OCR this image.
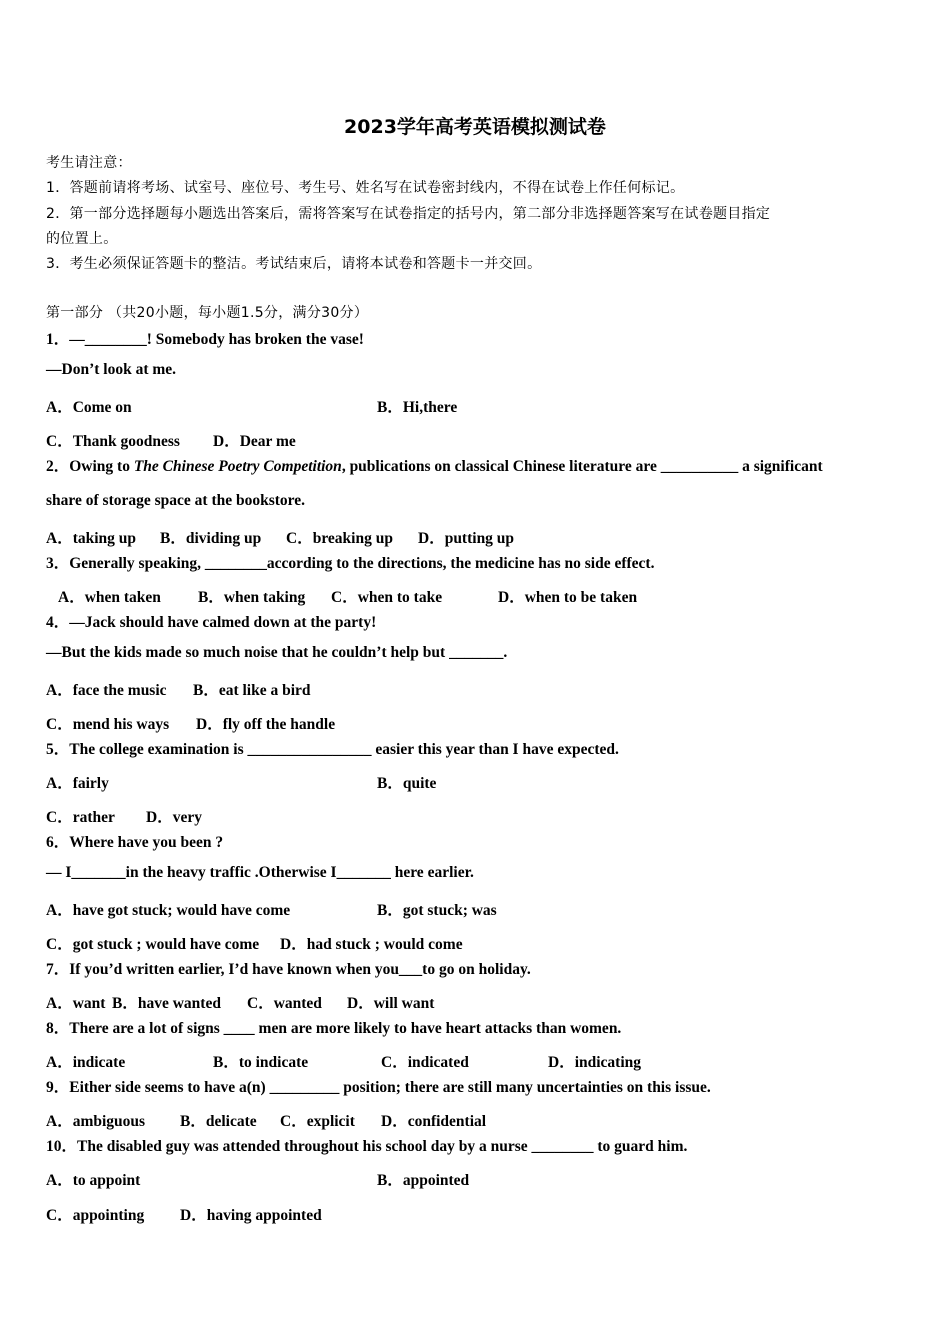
2023学年高考英语模拟测试卷
考生请注意：
1．答题前请将考场、试室号、座位号、考生号、姓名写在试卷密封线内，不得在试卷上作任何标记。
2．第一部分选择题每小题选出答案后，需将答案写在试卷指定的括号内，第二部分非选择题答案写在试卷题目指定
的位置上。
3．考生必须保证答题卡的整洁。考试结束后，请将本试卷和答题卡一并交回。
第一部分 （共20小题，每小题1.5分，满分30分）
1．—________! Somebody has broken the vase!
—Don’t look at me.
A．Come on	B．Hi,there
C．Thank goodness D．Dear me
2．Owing to The Chinese Poetry Competition, publications on classical Chinese literature are __________ a significant
share of storage space at the bookstore.
A．taking up B．dividing up C．breaking up D．putting up
3．Generally speaking, ________according to the directions, the medicine has no side effect.
A．when taken B．when taking C．when to take	D．when to be taken
4．—Jack should have calmed down at the party!
—But the kids made so much noise that he couldn’t help but _______.
A．face the music B．eat like a bird
C．mend his ways D．fly off the handle
5．The college examination is ________________ easier this year than I have expected.
A．fairly	B．quite
C．rather D．very
6．Where have you been ?
— I_______in the heavy traffic .Otherwise I_______ here earlier.
A．have got stuck; would have come	B．got stuck; was
C．got stuck ; would have come D．had stuck ; would come
7．If you’d written earlier, I’d have known when you___to go on holiday.
A．want B．have wanted C．wanted D．will want
8．There are a lot of signs ____ men are more likely to have heart attacks than women.
A．indicate	B．to indicate	C．indicated	D．indicating
9．Either side seems to have a(n) _________ position; there are still many uncertainties on this issue.
A．ambiguous B．delicate C．explicit D．confidential
10．The disabled guy was attended throughout his school day by a nurse ________ to guard him.
A．to appoint	B．appointed
C．appointing D．having appointed
